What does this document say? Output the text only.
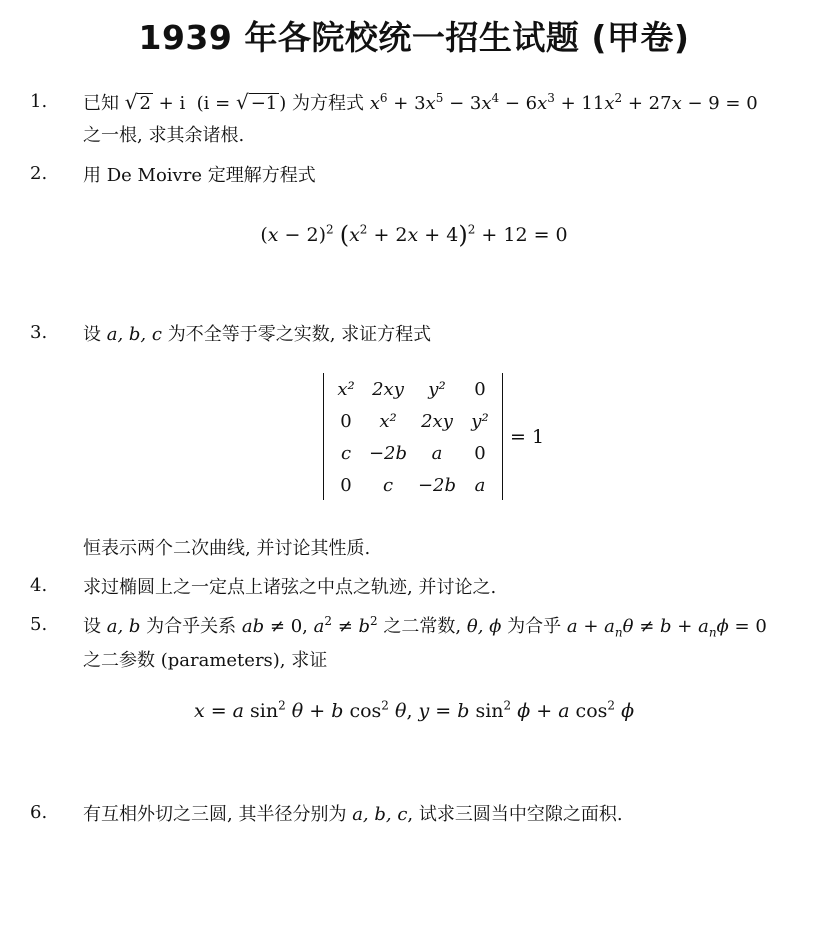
1939 年各院校统一招生试题 (甲卷)
1. 已知 √ 2 + i  (i = √ −1 ) 为方程式 $x^6 + 3x^5 - 3x^4 - 6x^3 + 11x^2 + 27x - 9 = 0$
之一根, 求其余诸根.
2. 用 De Moivre 定理解方程式
$(x - 2)^2$ $(x^2 + 2x + 4)^2 + 12 = 0$
3. 设 a, b, c 为不全等于零之实数, 求证方程式
x² 2xy y² 0
0 x² 2xy y²
c −2b a 0
0 c −2b a
= 1
恒表示两个二次曲线, 并讨论其性质.
4. 求过椭圆上之一定点上诸弦之中点之轨迹, 并讨论之.
5. 设 a, b 为合乎关系 ab ≠ 0, $a^2 \ne b^2$ 之二常数, θ, ϕ 为合乎 $a + a_n\theta \ne b + a_n\phi = 0$
之二参数 (parameters), 求证
x = a $\sin^2 \theta + b$ $\cos^2 \theta$, y = b $\sin^2 \phi + a$ $\cos^2 \phi$
6. 有互相外切之三圆, 其半径分别为 a, b, c, 试求三圆当中空隙之面积.
